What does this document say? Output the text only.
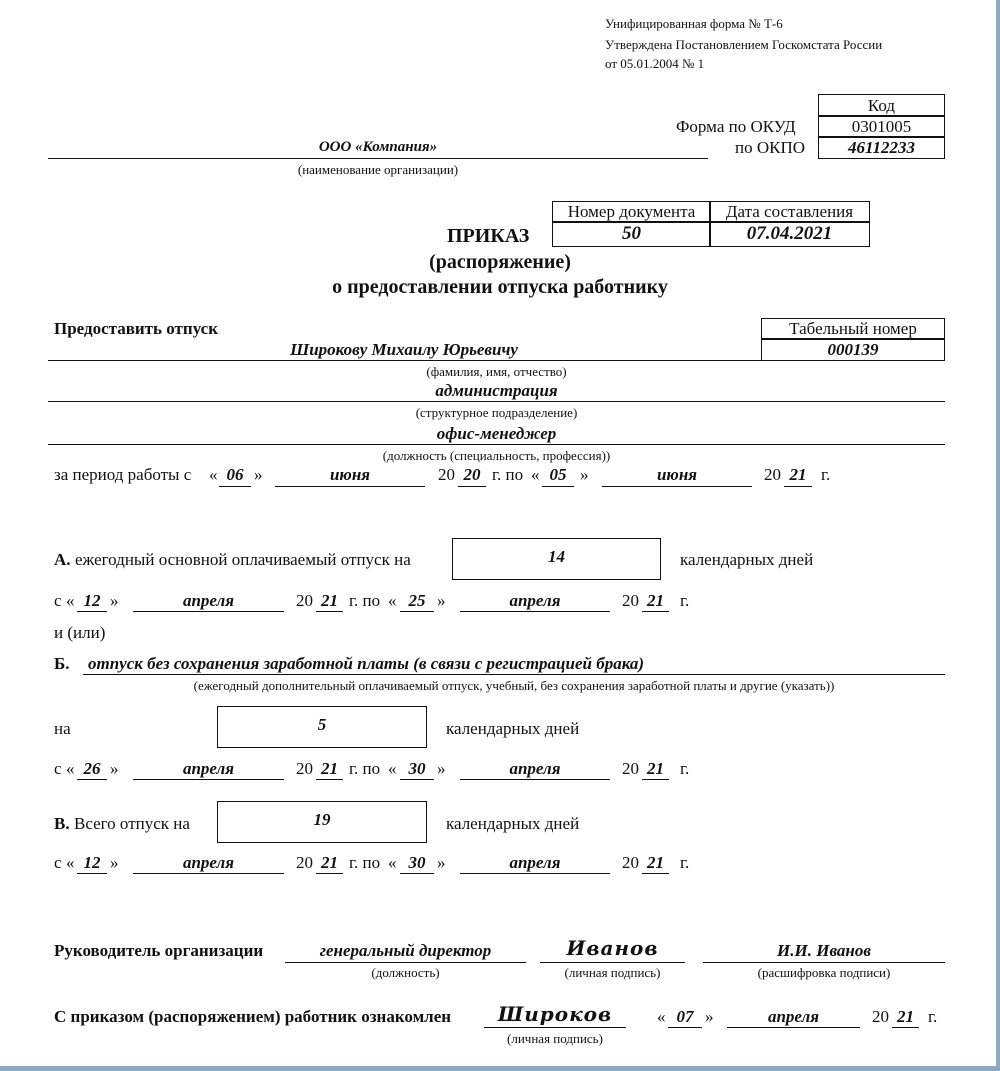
Унифицированная форма № Т-6
Утверждена Постановлением Госкомстата России
от 05.01.2004 № 1
Код
0301005
46112233
Форма по ОКУД
по ОКПО
ООО «Компания»
(наименование организации)
Номер документа Дата составления
50	07.04.2021
ПРИКАЗ
(распоряжение)
о предоставлении отпуска работнику
Предоставить отпуск	Табельный номер
000139
Широкову Михаилу Юрьевичу
(фамилия, имя, отчество)
администрация
(структурное подразделение)
офис-менеджер
(должность (специальность, профессия))
за период работы с « 06 »	июня	20 20 г. по « 05 »	июня	20 21 г.
А. ежегодный основной оплачиваемый отпуск на	14	календарных дней
с « 12 »	апреля	20 21 г. по « 25 »	апреля	20 21 г.
и (или)
Б. отпуск без сохранения заработной платы (в связи с регистрацией брака)
(ежегодный дополнительный оплачиваемый отпуск, учебный, без сохранения заработной платы и другие (указать))
на	5	календарных дней
с « 26 »	апреля	20 21 г. по « 30 »	апреля	20 21 г.
В. Всего отпуск на	19	календарных дней
с « 12 »	апреля	20 21 г. по « 30 »	апреля	20 21 г.
Руководитель организации	генеральный директор
(должность)
Иванов
(личная подпись)
И.И. Иванов
(расшифровка подписи)
С приказом (распоряжением) работник ознакомлен	Широков
(личная подпись)
« 07 »	апреля	20 21 г.
